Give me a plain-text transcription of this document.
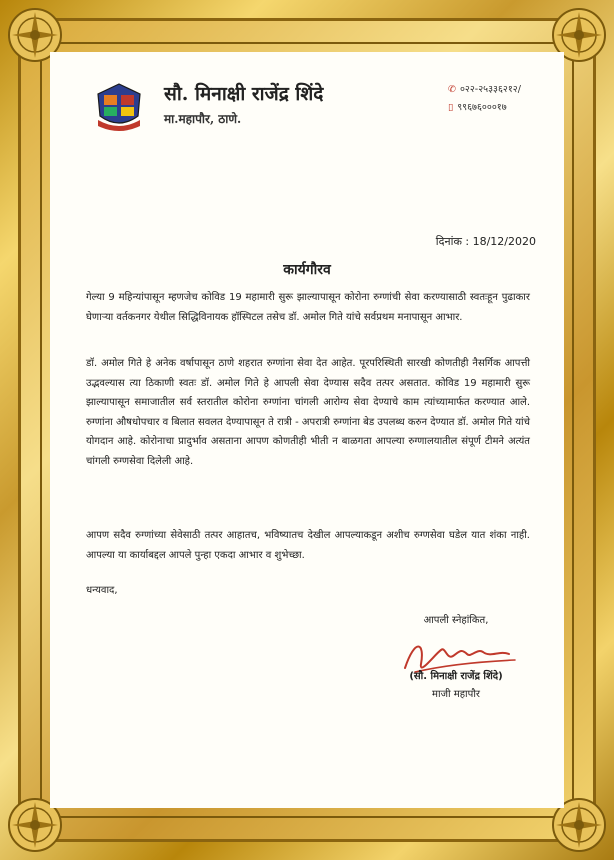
सौ. मिनाक्षी राजेंद्र शिंदे
मा.महापौर, ठाणे.
✆ ०२२-२५३३६२१२/
▯ ९९६७६०००१७
दिनांक : 18/12/2020
कार्यगौरव

गेल्या 9 महिन्यांपासून म्हणजेच कोविड 19 महामारी सुरू झाल्यापासून कोरोना रुग्णांची सेवा करण्यासाठी स्वतःहून पुढाकार घेणाऱ्या वर्तकनगर येथील सिद्धिविनायक हॉस्पिटल तसेच डॉ. अमोल गिते यांचे सर्वप्रथम मनापासून आभार.

डॉ. अमोल गिते हे अनेक वर्षापासून ठाणे शहरात रुग्णांना सेवा देत आहेत. पूरपरिस्थिती सारखी कोणतीही नैसर्गिक आपत्ती उद्भवल्यास त्या ठिकाणी स्वतः डॉ. अमोल गिते हे आपली सेवा देण्यास सदैव तत्पर असतात. कोविड 19 महामारी सुरू झाल्यापासून समाजातील सर्व स्तरातील कोरोना रुग्णांना चांगली आरोग्य सेवा देण्याचे काम त्यांच्यामार्फत करण्यात आले. रुग्णांना औषधोपचार व बिलात सवलत देण्यापासून ते रात्री - अपरात्री रुग्णांना बेड उपलब्ध करुन देण्यात डॉ. अमोल गिते यांचे योगदान आहे. कोरोनाचा प्रादुर्भाव असताना आपण कोणतीही भीती न बाळगता आपल्या रुग्णालयातील संपूर्ण टीमने अत्यंत चांगली रुग्णसेवा दिलेली आहे.

आपण सदैव रुग्णांच्या सेवेसाठी तत्पर आहातच, भविष्यातच देखील आपल्याकडून अशीच रुग्णसेवा घडेल यात शंका नाही. आपल्या या कार्याबद्दल आपले पुन्हा एकदा आभार व शुभेच्छा.

धन्यवाद,
आपली स्नेहांकित,
(सौ. मिनाक्षी राजेंद्र शिंदे)
माजी महापौर
